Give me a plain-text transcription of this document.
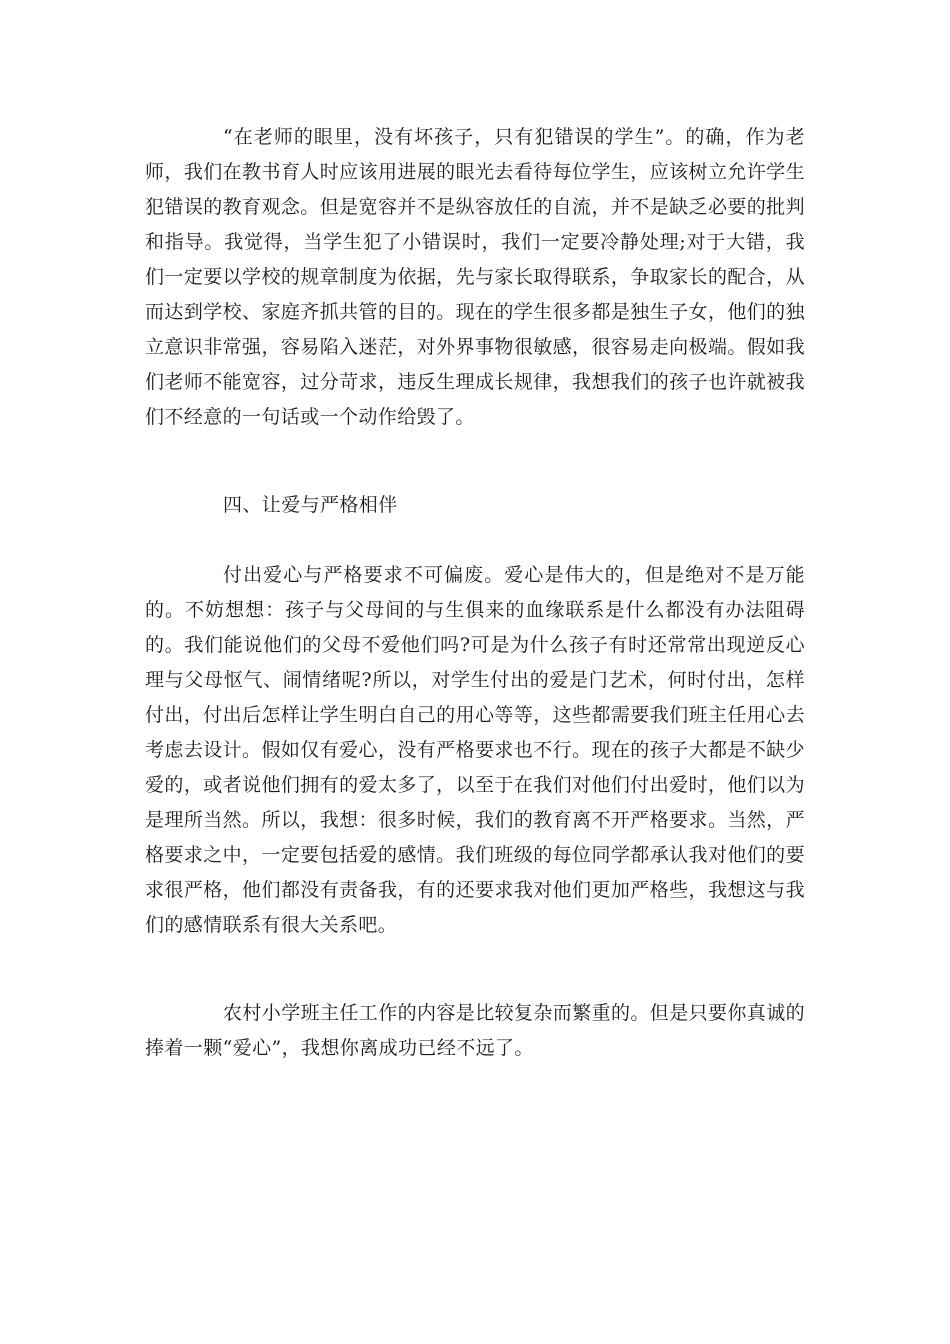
“在老师的眼里，没有坏孩子，只有犯错误的学生”。的确，作为老师，我们在教书育人时应该用进展的眼光去看待每位学生，应该树立允许学生犯错误的教育观念。但是宽容并不是纵容放任的自流，并不是缺乏必要的批判和指导。我觉得，当学生犯了小错误时，我们一定要冷静处理;对于大错，我们一定要以学校的规章制度为依据，先与家长取得联系，争取家长的配合，从而达到学校、家庭齐抓共管的目的。现在的学生很多都是独生子女，他们的独立意识非常强，容易陷入迷茫，对外界事物很敏感，很容易走向极端。假如我们老师不能宽容，过分苛求，违反生理成长规律，我想我们的孩子也许就被我们不经意的一句话或一个动作给毁了。

四、让爱与严格相伴

付出爱心与严格要求不可偏废。爱心是伟大的，但是绝对不是万能的。不妨想想：孩子与父母间的与生俱来的血缘联系是什么都没有办法阻碍的。我们能说他们的父母不爱他们吗?可是为什么孩子有时还常常出现逆反心理与父母怄气、闹情绪呢?所以，对学生付出的爱是门艺术，何时付出，怎样付出，付出后怎样让学生明白自己的用心等等，这些都需要我们班主任用心去考虑去设计。假如仅有爱心，没有严格要求也不行。现在的孩子大都是不缺少爱的，或者说他们拥有的爱太多了，以至于在我们对他们付出爱时，他们以为是理所当然。所以，我想：很多时候，我们的教育离不开严格要求。当然，严格要求之中，一定要包括爱的感情。我们班级的每位同学都承认我对他们的要求很严格，他们都没有责备我，有的还要求我对他们更加严格些，我想这与我们的感情联系有很大关系吧。

农村小学班主任工作的内容是比较复杂而繁重的。但是只要你真诚的捧着一颗“爱心”，我想你离成功已经不远了。
